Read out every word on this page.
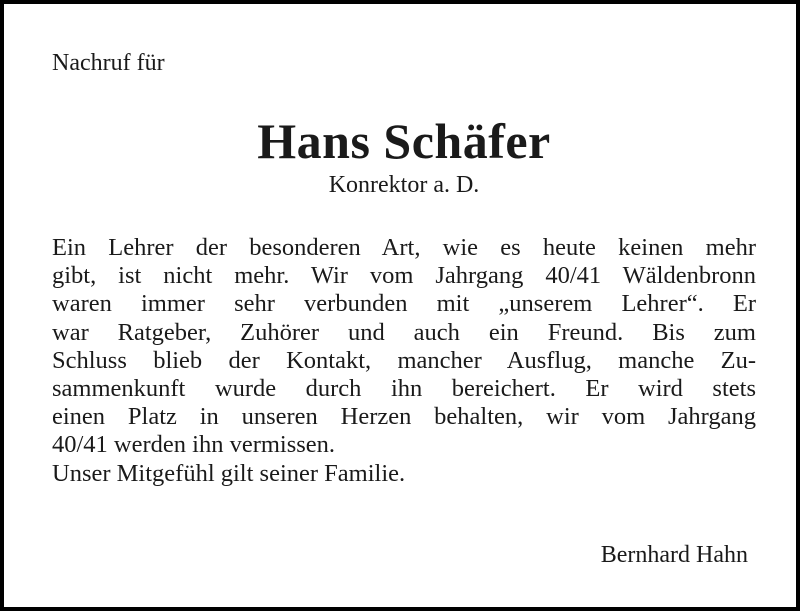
Nachruf für
Hans Schäfer
Konrektor a. D.
Ein Lehrer der besonderen Art, wie es heute keinen mehr
gibt, ist nicht mehr. Wir vom Jahrgang 40/41 Wäldenbronn
waren immer sehr verbunden mit „unserem Lehrer“. Er
war Ratgeber, Zuhörer und auch ein Freund. Bis zum
Schluss blieb der Kontakt, mancher Ausflug, manche Zu-
sammenkunft wurde durch ihn bereichert. Er wird stets
einen Platz in unseren Herzen behalten, wir vom Jahrgang
40/41 werden ihn vermissen.
Unser Mitgefühl gilt seiner Familie.
Bernhard Hahn
